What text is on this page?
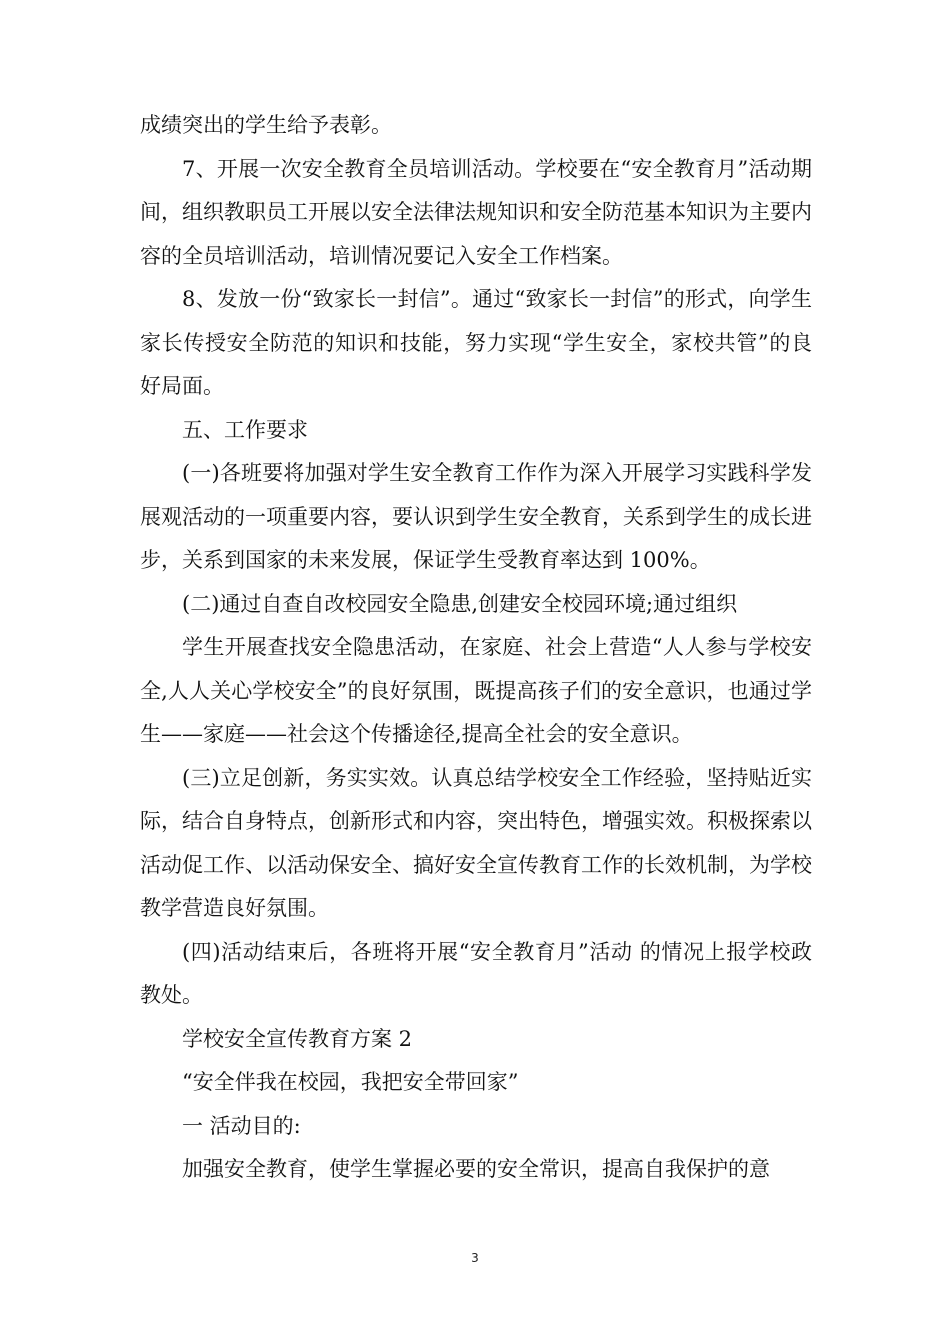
成绩突出的学生给予表彰。

7、开展一次安全教育全员培训活动。学校要在“安全教育月”活动期间，组织教职员工开展以安全法律法规知识和安全防范基本知识为主要内容的全员培训活动，培训情况要记入安全工作档案。

8、发放一份“致家长一封信”。通过“致家长一封信”的形式，向学生家长传授安全防范的知识和技能，努力实现“学生安全，家校共管”的良好局面。

五、工作要求

(一)各班要将加强对学生安全教育工作作为深入开展学习实践科学发展观活动的一项重要内容，要认识到学生安全教育，关系到学生的成长进步，关系到国家的未来发展，保证学生受教育率达到 100%。

(二)通过自查自改校园安全隐患,创建安全校园环境;通过组织

学生开展查找安全隐患活动，在家庭、社会上营造“人人参与学校安全,人人关心学校安全”的良好氛围，既提高孩子们的安全意识，也通过学生——家庭——社会这个传播途径,提高全社会的安全意识。

(三)立足创新，务实实效。认真总结学校安全工作经验，坚持贴近实际，结合自身特点，创新形式和内容，突出特色，增强实效。积极探索以活动促工作、以活动保安全、搞好安全宣传教育工作的长效机制，为学校教学营造良好氛围。

(四)活动结束后，各班将开展“安全教育月”活动 的情况上报学校政教处。

学校安全宣传教育方案 2

“安全伴我在校园，我把安全带回家”

一 活动目的:

加强安全教育，使学生掌握必要的安全常识，提高自我保护的意

3
